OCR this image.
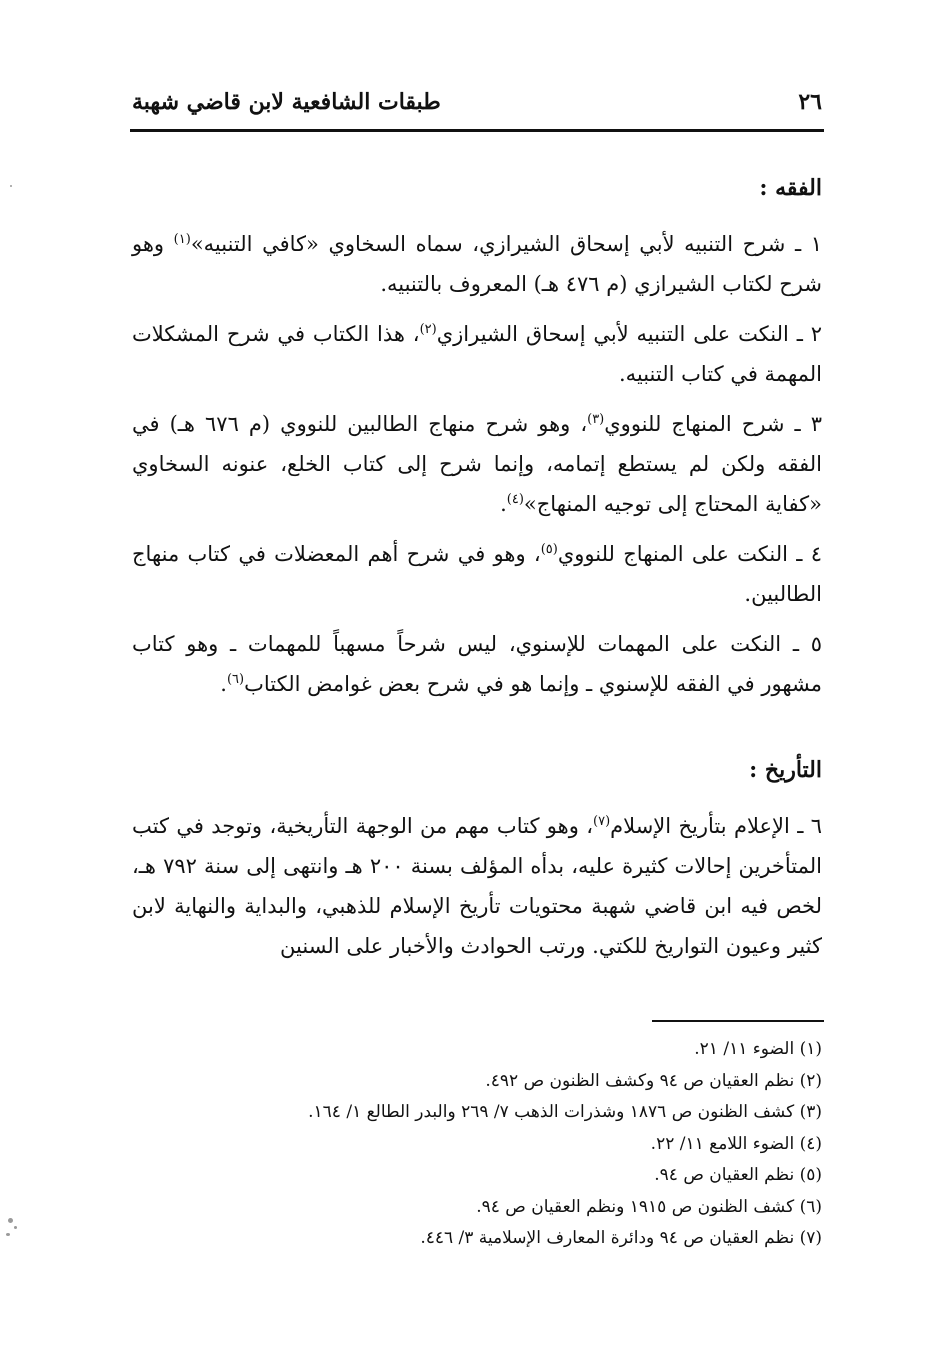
٢٦
طبقات الشافعية لابن قاضي شهبة
الفقه :

١ ـ شرح التنبيه لأبي إسحاق الشيرازي، سماه السخاوي «كافي التنبيه»$^{(١)}$ وهو شرح لكتاب الشيرازي (م ٤٧٦ هـ) المعروف بالتنبيه.

٢ ـ النكت على التنبيه لأبي إسحاق الشيرازي$^{(٢)}$، هذا الكتاب في شرح المشكلات المهمة في كتاب التنبيه.

٣ ـ شرح المنهاج للنووي$^{(٣)}$، وهو شرح منهاج الطالبين للنووي (م ٦٧٦ هـ) في الفقه ولكن لم يستطع إتمامه، وإنما شرح إلى كتاب الخلع، عنونه السخاوي «كفاية المحتاج إلى توجيه المنهاج»$^{(٤)}$.

٤ ـ النكت على المنهاج للنووي$^{(٥)}$، وهو في شرح أهم المعضلات في كتاب منهاج الطالبين.

٥ ـ النكت على المهمات للإسنوي، ليس شرحاً مسهباً للمهمات ـ وهو كتاب مشهور في الفقه للإسنوي ـ وإنما هو في شرح بعض غوامض الكتاب$^{(٦)}$.

التأريخ :

٦ ـ الإعلام بتأريخ الإسلام$^{(٧)}$، وهو كتاب مهم من الوجهة التأريخية، وتوجد في كتب المتأخرين إحالات كثيرة عليه، بدأه المؤلف بسنة ٢٠٠ هـ وانتهى إلى سنة ٧٩٢ هـ، لخص فيه ابن قاضي شهبة محتويات تأريخ الإسلام للذهبي، والبداية والنهاية لابن كثير وعيون التواريخ للكتي. ورتب الحوادث والأخبار على السنين

(١) الضوء ١١/ ٢١.

(٢) نظم العقيان ص ٩٤ وكشف الظنون ص ٤٩٢.

(٣) كشف الظنون ص ١٨٧٦ وشذرات الذهب ٧/ ٢٦٩ والبدر الطالع ١/ ١٦٤.

(٤) الضوء اللامع ١١/ ٢٢.

(٥) نظم العقيان ص ٩٤.

(٦) كشف الظنون ص ١٩١٥ ونظم العقيان ص ٩٤.

(٧) نظم العقيان ص ٩٤ ودائرة المعارف الإسلامية ٣/ ٤٤٦.
